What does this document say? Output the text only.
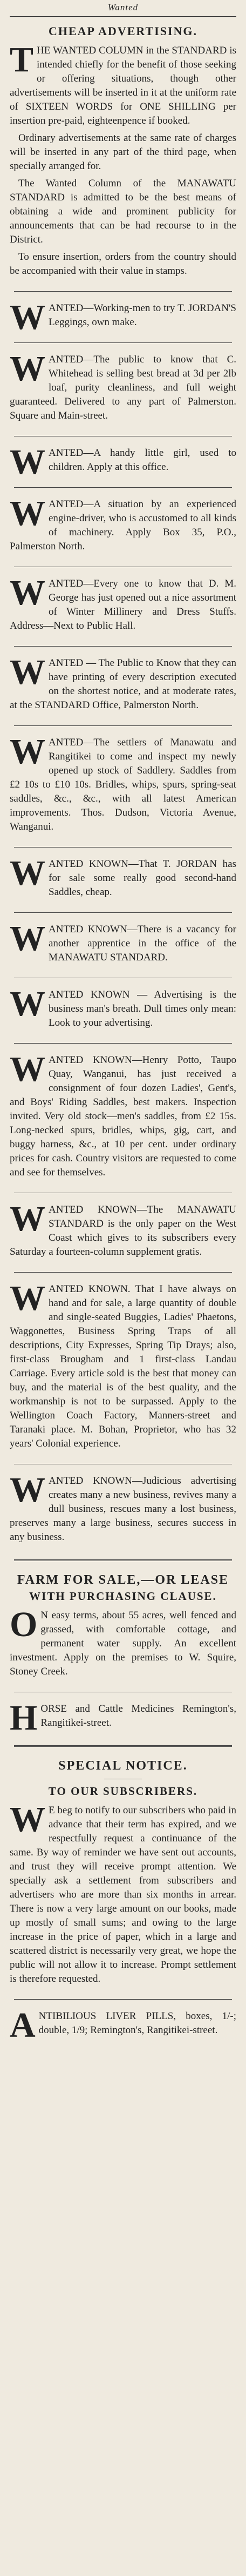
Wanted
CHEAP ADVERTISING.
T HE WANTED COLUMN in the STANDARD is intended chiefly for the benefit of those seeking or offering situations, though other advertisements will be inserted in it at the uniform rate of SIXTEEN WORDS for ONE SHILLING per insertion pre-paid, eighteenpence if booked.

Ordinary advertisements at the same rate of charges will be inserted in any part of the third page, when specially arranged for.

The Wanted Column of the MANAWATU STANDARD is admitted to be the best means of obtaining a wide and prominent publicity for announcements that can be had recourse to in the District.

To ensure insertion, orders from the country should be accompanied with their value in stamps.

W ANTED—Working-men to try T. JORDAN'S Leggings, own make.

W ANTED—The public to know that C. Whitehead is selling best bread at 3d per 2lb loaf, purity cleanliness, and full weight guaranteed. Delivered to any part of Palmerston. Square and Main-street.

W ANTED—A handy little girl, used to children. Apply at this office.

W ANTED—A situation by an experienced engine-driver, who is accustomed to all kinds of machinery. Apply Box 35, P.O., Palmerston North.

W ANTED—Every one to know that D. M. George has just opened out a nice assortment of Winter Millinery and Dress Stuffs. Address—Next to Public Hall.

W ANTED — The Public to Know that they can have printing of every description executed on the shortest notice, and at moderate rates, at the STANDARD Office, Palmerston North.

W ANTED—The settlers of Manawatu and Rangitikei to come and inspect my newly opened up stock of Saddlery. Saddles from £2 10s to £10 10s. Bridles, whips, spurs, spring-seat saddles, &c., &c., with all latest American improvements. Thos. Dudson, Victoria Avenue, Wanganui.

W ANTED KNOWN—That T. JORDAN has for sale some really good second-hand Saddles, cheap.

W ANTED KNOWN—There is a vacancy for another apprentice in the office of the MANAWATU STANDARD.

W ANTED KNOWN — Advertising is the business man's breath. Dull times only mean: Look to your advertising.

W ANTED KNOWN—Henry Potto, Taupo Quay, Wanganui, has just received a consignment of four dozen Ladies', Gent's, and Boys' Riding Saddles, best makers. Inspection invited. Very old stock—men's saddles, from £2 15s. Long-necked spurs, bridles, whips, gig, cart, and buggy harness, &c., at 10 per cent. under ordinary prices for cash. Country visitors are requested to come and see for themselves.

W ANTED KNOWN—The MANAWATU STANDARD is the only paper on the West Coast which gives to its subscribers every Saturday a fourteen-column supplement gratis.

W ANTED KNOWN. That I have always on hand and for sale, a large quantity of double and single-seated Buggies, Ladies' Phaetons, Waggonettes, Business Spring Traps of all descriptions, City Expresses, Spring Tip Drays; also, first-class Brougham and 1 first-class Landau Carriage. Every article sold is the best that money can buy, and the material is of the best quality, and the workmanship is not to be surpassed. Apply to the Wellington Coach Factory, Manners-street and Taranaki place. M. Bohan, Proprietor, who has 32 years' Colonial experience.

W ANTED KNOWN—Judicious advertising creates many a new business, revives many a dull business, rescues many a lost business, preserves many a large business, secures success in any business.

FARM FOR SALE,—OR LEASE
WITH PURCHASING CLAUSE.
O N easy terms, about 55 acres, well fenced and grassed, with comfortable cottage, and permanent water supply. An excellent investment. Apply on the premises to W. Squire, Stoney Creek.

H ORSE and Cattle Medicines Remington's, Rangitikei-street.

SPECIAL NOTICE.
TO OUR SUBSCRIBERS.
W E beg to notify to our subscribers who paid in advance that their term has expired, and we respectfully request a continuance of the same. By way of reminder we have sent out accounts, and trust they will receive prompt attention. We specially ask a settlement from subscribers and advertisers who are more than six months in arrear. There is now a very large amount on our books, made up mostly of small sums; and owing to the large increase in the price of paper, which in a large and scattered district is necessarily very great, we hope the public will not allow it to increase. Prompt settlement is therefore requested.

A NTIBILIOUS LIVER PILLS, boxes, 1/-; double, 1/9; Remington's, Rangitikei-street.
